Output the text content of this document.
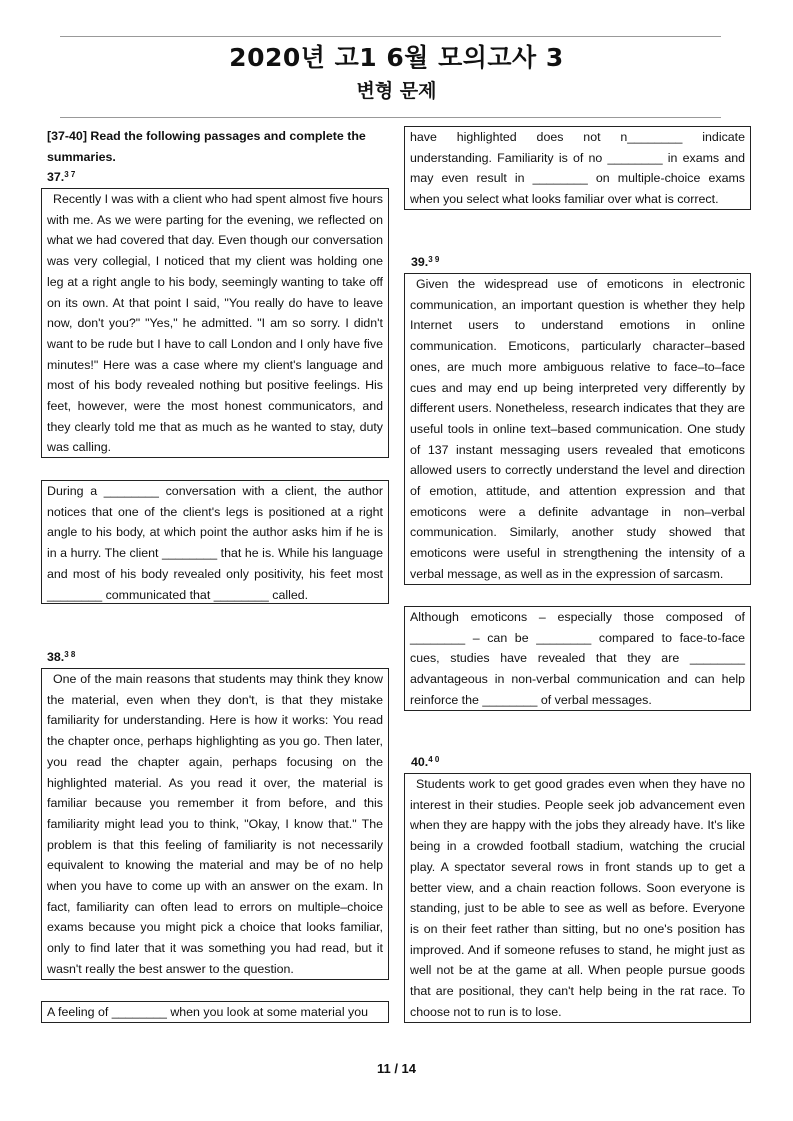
2020년 고1 6월 모의고사 3
변형 문제
[37-40] Read the following passages and complete the summaries.
37.$^{3 7}$

Recently I was with a client who had spent almost five hours with me. As we were parting for the evening, we reflected on what we had covered that day. Even though our conversation was very collegial, I noticed that my client was holding one leg at a right angle to his body, seemingly wanting to take off on its own. At that point I said, "You really do have to leave now, don't you?" "Yes," he admitted. "I am so sorry. I didn't want to be rude but I have to call London and I only have five minutes!" Here was a case where my client's language and most of his body revealed nothing but positive feelings. His feet, however, were the most honest communicators, and they clearly told me that as much as he wanted to stay, duty was calling.

During a ________ conversation with a client, the author notices that one of the client's legs is positioned at a right angle to his body, at which point the author asks him if he is in a hurry. The client ________ that he is. While his language and most of his body revealed only positivity, his feet most ________ communicated that ________ called.

38.$^{3 8}$

One of the main reasons that students may think they know the material, even when they don't, is that they mistake familiarity for understanding. Here is how it works: You read the chapter once, perhaps highlighting as you go. Then later, you read the chapter again, perhaps focusing on the highlighted material. As you read it over, the material is familiar because you remember it from before, and this familiarity might lead you to think, "Okay, I know that." The problem is that this feeling of familiarity is not necessarily equivalent to knowing the material and may be of no help when you have to come up with an answer on the exam. In fact, familiarity can often lead to errors on multiple–choice exams because you might pick a choice that looks familiar, only to find later that it was something you had read, but it wasn't really the best answer to the question.

A feeling of ________ when you look at some material you

have highlighted does not n________ indicate understanding. Familiarity is of no ________ in exams and may even result in ________ on multiple-choice exams when you select what looks familiar over what is correct.

39.$^{3 9}$

Given the widespread use of emoticons in electronic communication, an important question is whether they help Internet users to understand emotions in online communication. Emoticons, particularly character–based ones, are much more ambiguous relative to face–to–face cues and may end up being interpreted very differently by different users. Nonetheless, research indicates that they are useful tools in online text–based communication. One study of 137 instant messaging users revealed that emoticons allowed users to correctly understand the level and direction of emotion, attitude, and attention expression and that emoticons were a definite advantage in non–verbal communication. Similarly, another study showed that emoticons were useful in strengthening the intensity of a verbal message, as well as in the expression of sarcasm.

Although emoticons – especially those composed of ________ – can be ________ compared to face-to-face cues, studies have revealed that they are ________ advantageous in non-verbal communication and can help reinforce the ________ of verbal messages.

40.$^{4 0}$

Students work to get good grades even when they have no interest in their studies. People seek job advancement even when they are happy with the jobs they already have. It's like being in a crowded football stadium, watching the crucial play. A spectator several rows in front stands up to get a better view, and a chain reaction follows. Soon everyone is standing, just to be able to see as well as before. Everyone is on their feet rather than sitting, but no one's position has improved. And if someone refuses to stand, he might just as well not be at the game at all. When people pursue goods that are positional, they can't help being in the rat race. To choose not to run is to lose.

11 / 14
